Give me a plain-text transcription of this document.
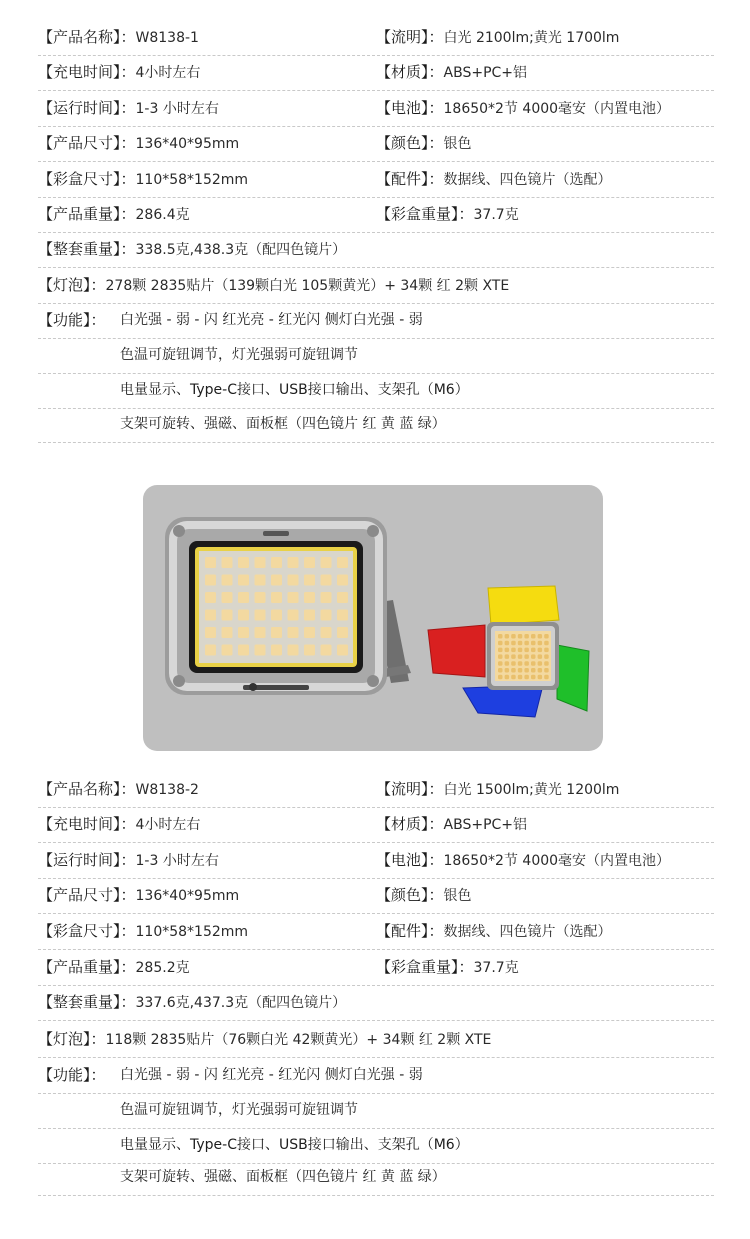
【产品名称】：W8138-1	【流明】：白光 2100lm;黄光 1700lm
【充电时间】：4小时左右	【材质】：ABS+PC+铝
【运行时间】：1-3 小时左右	【电池】：18650*2节 4000毫安（内置电池）
【产品尺寸】：136*40*95mm	【颜色】：银色
【彩盒尺寸】：110*58*152mm	【配件】：数据线、四色镜片（选配）
【产品重量】：286.4克	【彩盒重量】：37.7克
【整套重量】：338.5克,438.3克（配四色镜片）
【灯泡】：278颗 2835贴片（139颗白光 105颗黄光）+ 34颗 红 2颗 XTE
【功能】： 白光强 - 弱 - 闪 红光亮 - 红光闪 侧灯白光强 - 弱
色温可旋钮调节，灯光强弱可旋钮调节
电量显示、Type-C接口、USB接口输出、支架孔（M6）
支架可旋转、强磁、面板框（四色镜片 红 黄 蓝 绿）
【产品名称】：W8138-2	【流明】：白光 1500lm;黄光 1200lm
【充电时间】：4小时左右	【材质】：ABS+PC+铝
【运行时间】：1-3 小时左右	【电池】：18650*2节 4000毫安（内置电池）
【产品尺寸】：136*40*95mm	【颜色】：银色
【彩盒尺寸】：110*58*152mm	【配件】：数据线、四色镜片（选配）
【产品重量】：285.2克	【彩盒重量】：37.7克
【整套重量】：337.6克,437.3克（配四色镜片）
【灯泡】：118颗 2835贴片（76颗白光 42颗黄光）+ 34颗 红 2颗 XTE
【功能】： 白光强 - 弱 - 闪 红光亮 - 红光闪 侧灯白光强 - 弱
色温可旋钮调节，灯光强弱可旋钮调节
电量显示、Type-C接口、USB接口输出、支架孔（M6）
支架可旋转、强磁、面板框（四色镜片 红 黄 蓝 绿）
